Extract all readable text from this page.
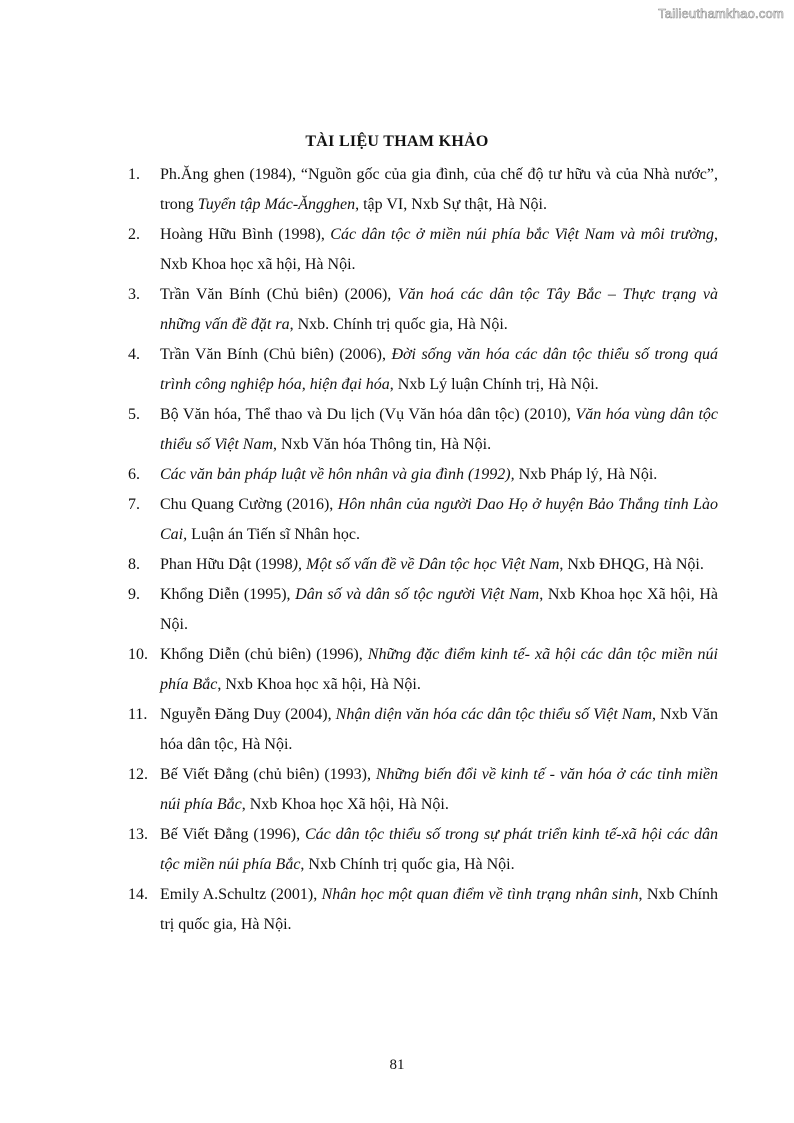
Tailieuthamkhao.com
TÀI LIỆU THAM KHẢO
1. Ph.Ăng ghen (1984), “Nguồn gốc của gia đình, của chế độ tư hữu và của Nhà nước”, trong Tuyển tập Mác-Ăngghen, tập VI, Nxb Sự thật, Hà Nội.
2. Hoàng Hữu Bình (1998), Các dân tộc ở miền núi phía bắc Việt Nam và môi trường, Nxb Khoa học xã hội, Hà Nội.
3. Trần Văn Bính (Chủ biên) (2006), Văn hoá các dân tộc Tây Bắc – Thực trạng và những vấn đề đặt ra, Nxb. Chính trị quốc gia, Hà Nội.
4. Trần Văn Bính (Chủ biên) (2006), Đời sống văn hóa các dân tộc thiểu số trong quá trình công nghiệp hóa, hiện đại hóa, Nxb Lý luận Chính trị, Hà Nội.
5. Bộ Văn hóa, Thể thao và Du lịch (Vụ Văn hóa dân tộc) (2010), Văn hóa vùng dân tộc thiểu số Việt Nam, Nxb Văn hóa Thông tin, Hà Nội.
6. Các văn bản pháp luật về hôn nhân và gia đình (1992), Nxb Pháp lý, Hà Nội.
7. Chu Quang Cường (2016), Hôn nhân của người Dao Họ ở huyện Bảo Thắng tỉnh Lào Cai, Luận án Tiến sĩ Nhân học.
8. Phan Hữu Dật (1998), Một số vấn đề về Dân tộc học Việt Nam, Nxb ĐHQG, Hà Nội.
9. Khổng Diễn (1995), Dân số và dân số tộc người Việt Nam, Nxb Khoa học Xã hội, Hà Nội.
10. Khổng Diễn (chủ biên) (1996), Những đặc điểm kinh tế- xã hội các dân tộc miền núi phía Bắc, Nxb Khoa học xã hội, Hà Nội.
11. Nguyễn Đăng Duy (2004), Nhận diện văn hóa các dân tộc thiểu số Việt Nam, Nxb Văn hóa dân tộc, Hà Nội.
12. Bế Viết Đẳng (chủ biên) (1993), Những biến đổi về kinh tế - văn hóa ở các tỉnh miền núi phía Bắc, Nxb Khoa học Xã hội, Hà Nội.
13. Bế Viết Đẳng (1996), Các dân tộc thiểu số trong sự phát triển kinh tế-xã hội các dân tộc miền núi phía Bắc, Nxb Chính trị quốc gia, Hà Nội.
14. Emily A.Schultz (2001), Nhân học một quan điểm về tình trạng nhân sinh, Nxb Chính trị quốc gia, Hà Nội.
81
